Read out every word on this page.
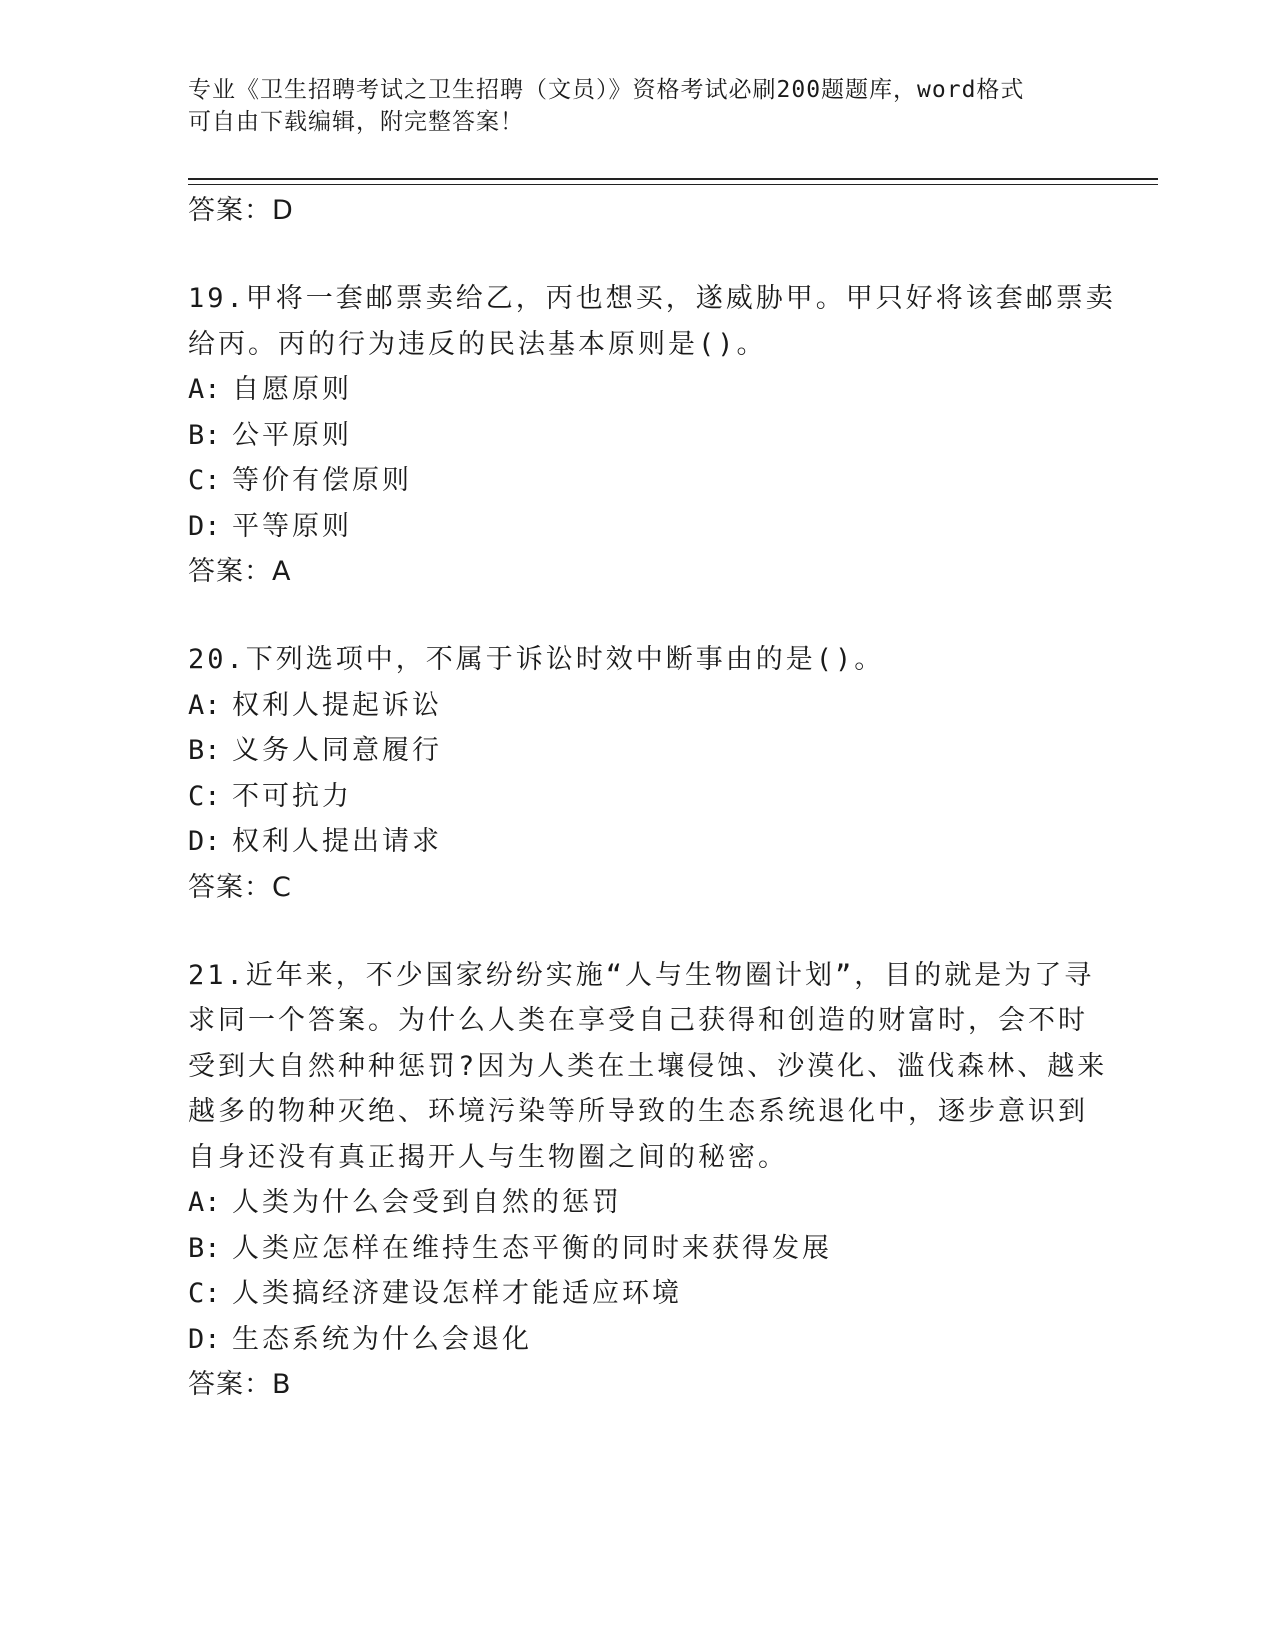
专业《卫生招聘考试之卫生招聘（文员）》资格考试必刷200题题库，word格式
可自由下载编辑，附完整答案！
答案：D
19.甲将一套邮票卖给乙，丙也想买，遂威胁甲。甲只好将该套邮票卖
给丙。丙的行为违反的民法基本原则是()。
A: 自愿原则
B: 公平原则
C: 等价有偿原则
D: 平等原则
答案：A
20.下列选项中，不属于诉讼时效中断事由的是()。
A: 权利人提起诉讼
B: 义务人同意履行
C: 不可抗力
D: 权利人提出请求
答案：C
21.近年来，不少国家纷纷实施“人与生物圈计划”，目的就是为了寻
求同一个答案。为什么人类在享受自己获得和创造的财富时，会不时
受到大自然种种惩罚?因为人类在土壤侵蚀、沙漠化、滥伐森林、越来
越多的物种灭绝、环境污染等所导致的生态系统退化中，逐步意识到
自身还没有真正揭开人与生物圈之间的秘密。
A: 人类为什么会受到自然的惩罚
B: 人类应怎样在维持生态平衡的同时来获得发展
C: 人类搞经济建设怎样才能适应环境
D: 生态系统为什么会退化
答案：B
